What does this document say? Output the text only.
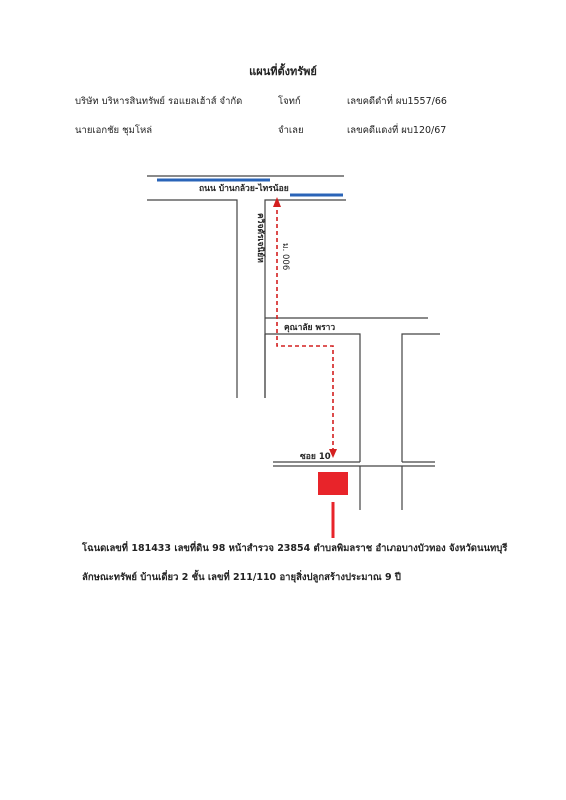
แผนที่ตั้งทรัพย์
บริษัท บริหารสินทรัพย์ รอแยลเฮ้าส์ จำกัด	โจทก์	เลขคดีดำที่ ผบ1557/66
นายเอกชัย ชุมโหล่	จำเลย	เลขคดีแดงที่ ผบ120/67
ถนน บ้านกล้วย-ไทรน้อย
ควิจตัรเจนิย์ห ม. 006
คุณาลัย พราว
ซอย 10
โฉนดเลขที่ 181433 เลขที่ดิน 98 หน้าสำรวจ 23854 ตำบลพิมลราช อำเภอบางบัวทอง จังหวัดนนทบุรี
ลักษณะทรัพย์ บ้านเดี่ยว 2 ชั้น เลขที่ 211/110 อายุสิ่งปลูกสร้างประมาณ 9 ปี
